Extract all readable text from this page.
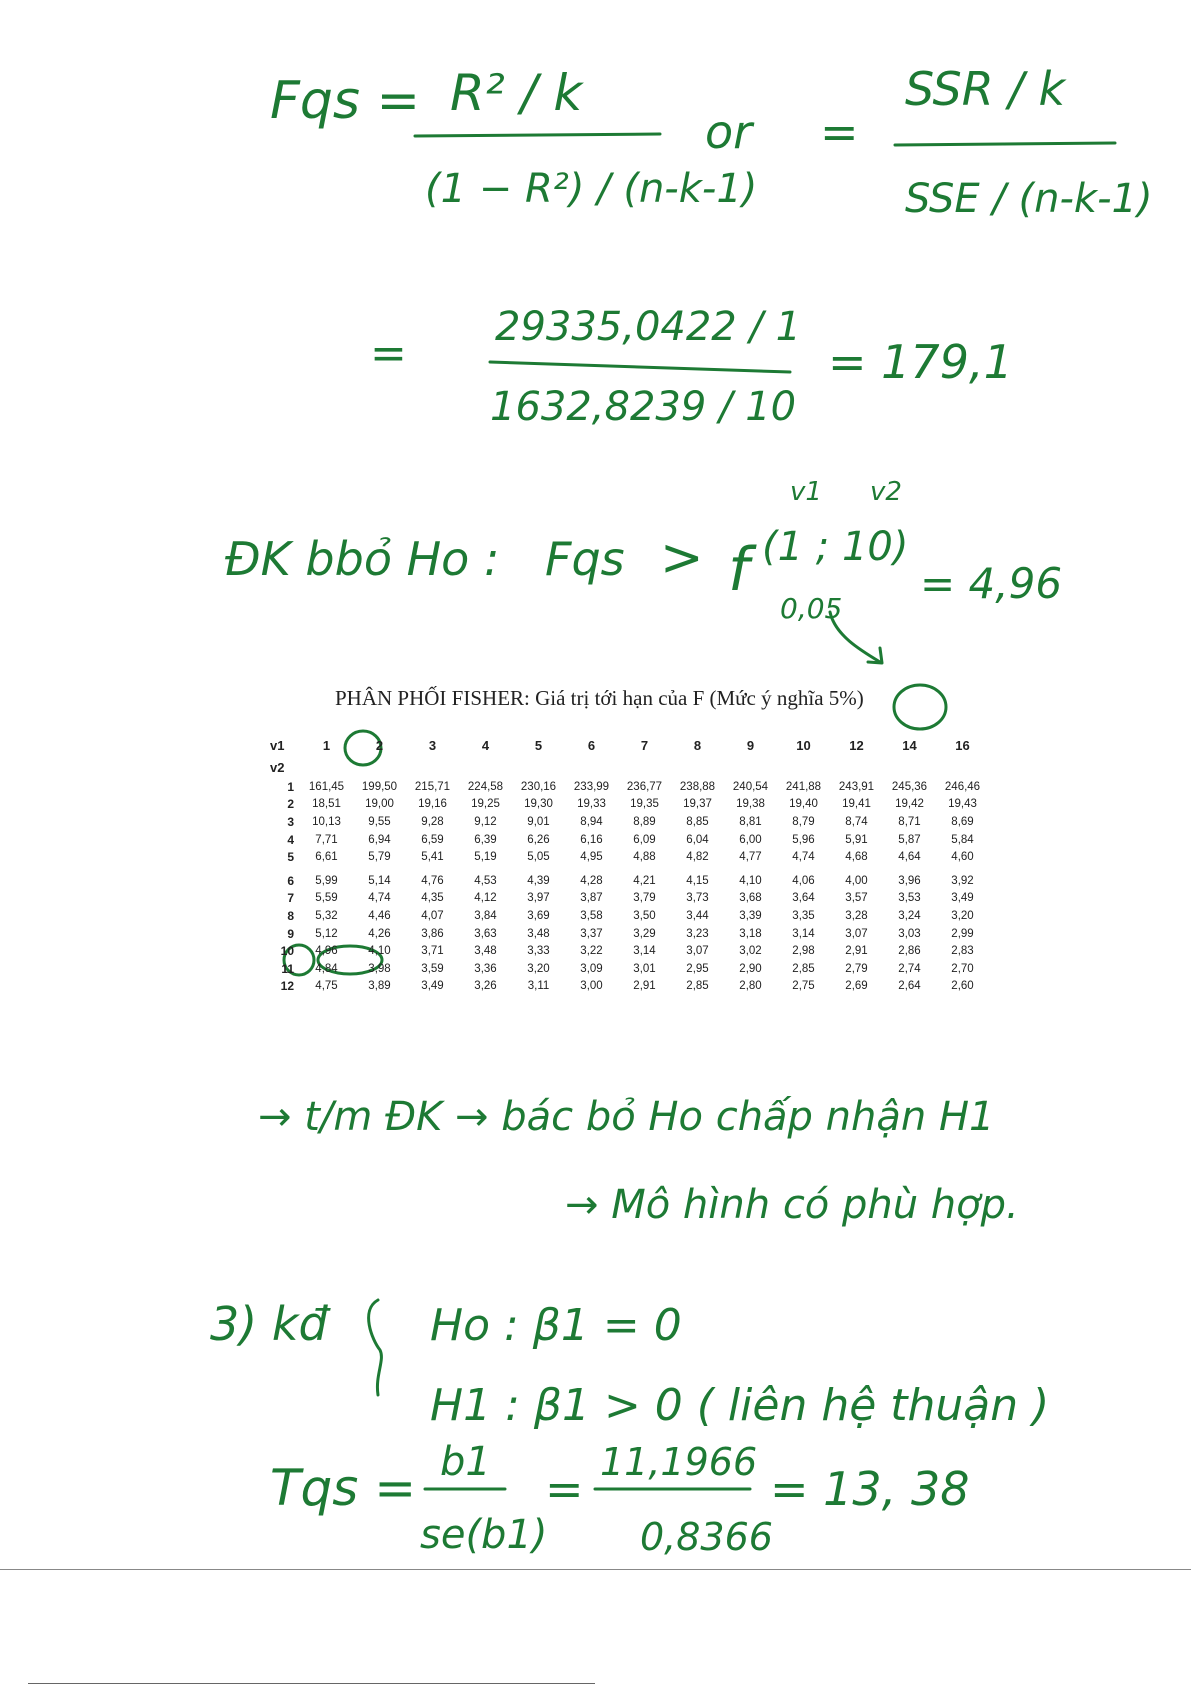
Fqs = R² / k
(1 − R²) / (n-k-1)
or =
SSR / k
SSE / (n-k-1)
=
29335,0422 / 1
1632,8239 / 10
= 179,1
ĐK bbỏ Ho : Fqs > f
v1 v2
(1 ; 10)
0,05
= 4,96
→ t/m ĐK → bác bỏ Ho chấp nhận H1
→ Mô hình có phù hợp.
3) kđ Ho : β1 = 0
H1 : β1 > 0 ( liên hệ thuận )
Tqs = b1
se(b1)
= 11,1966
0,8366
= 13, 38
PHÂN PHỐI FISHER: Giá trị tới hạn của F (Mức ý nghĩa 5%)
v1	1	2	3	4	5	6	7	8	9	10	12	14	16
v2													
1	161,45	199,50	215,71	224,58	230,16	233,99	236,77	238,88	240,54	241,88	243,91	245,36	246,46
2	18,51	19,00	19,16	19,25	19,30	19,33	19,35	19,37	19,38	19,40	19,41	19,42	19,43
3	10,13	9,55	9,28	9,12	9,01	8,94	8,89	8,85	8,81	8,79	8,74	8,71	8,69
4	7,71	6,94	6,59	6,39	6,26	6,16	6,09	6,04	6,00	5,96	5,91	5,87	5,84
5	6,61	5,79	5,41	5,19	5,05	4,95	4,88	4,82	4,77	4,74	4,68	4,64	4,60
6	5,99	5,14	4,76	4,53	4,39	4,28	4,21	4,15	4,10	4,06	4,00	3,96	3,92
7	5,59	4,74	4,35	4,12	3,97	3,87	3,79	3,73	3,68	3,64	3,57	3,53	3,49
8	5,32	4,46	4,07	3,84	3,69	3,58	3,50	3,44	3,39	3,35	3,28	3,24	3,20
9	5,12	4,26	3,86	3,63	3,48	3,37	3,29	3,23	3,18	3,14	3,07	3,03	2,99
10	4,96	4,10	3,71	3,48	3,33	3,22	3,14	3,07	3,02	2,98	2,91	2,86	2,83
11	4,84	3,98	3,59	3,36	3,20	3,09	3,01	2,95	2,90	2,85	2,79	2,74	2,70
12	4,75	3,89	3,49	3,26	3,11	3,00	2,91	2,85	2,80	2,75	2,69	2,64	2,60
